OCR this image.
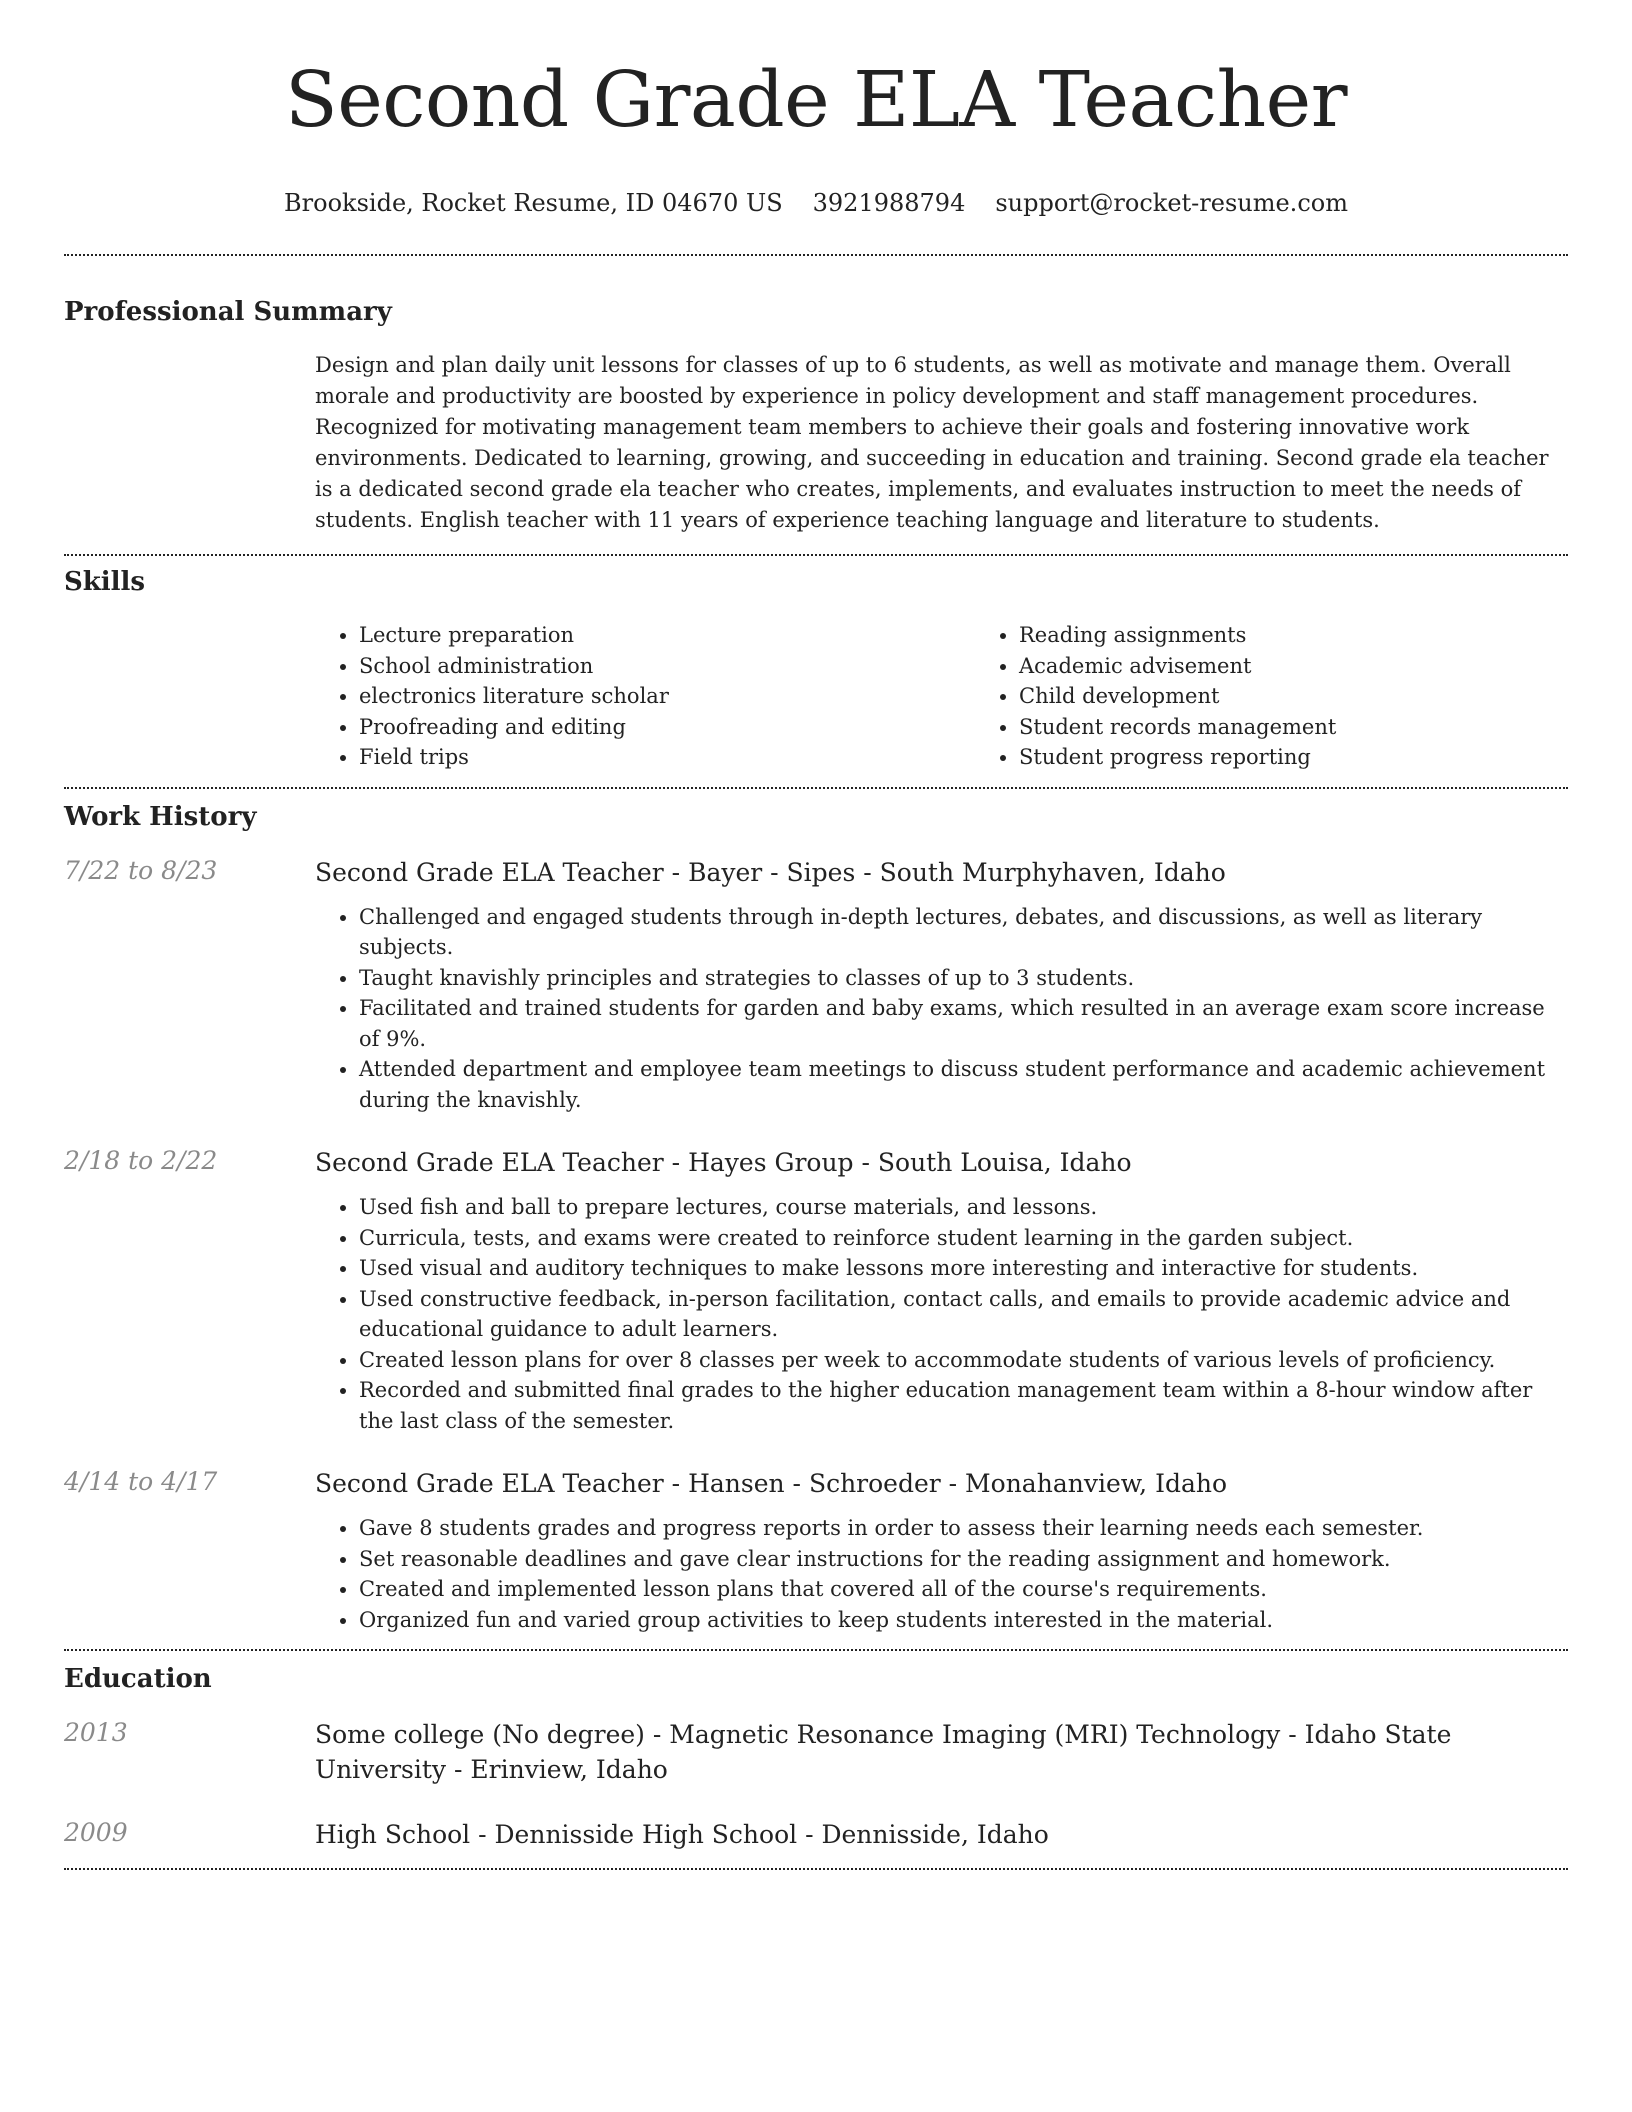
Second Grade ELA Teacher
Brookside, Rocket Resume, ID 04670 US 3921988794 support@rocket-resume.com
Professional Summary
Design and plan daily unit lessons for classes of up to 6 students, as well as motivate and manage them. Overall morale and productivity are boosted by experience in policy development and staff management procedures. Recognized for motivating management team members to achieve their goals and fostering innovative work environments. Dedicated to learning, growing, and succeeding in education and training. Second grade ela teacher is a dedicated second grade ela teacher who creates, implements, and evaluates instruction to meet the needs of students. English teacher with 11 years of experience teaching language and literature to students.
Skills
• Lecture preparation
• School administration
• electronics literature scholar
• Proofreading and editing
• Field trips
• Reading assignments
• Academic advisement
• Child development
• Student records management
• Student progress reporting
Work History
7/22 to 8/23	Second Grade ELA Teacher - Bayer - Sipes - South Murphyhaven, Idaho
• Challenged and engaged students through in-depth lectures, debates, and discussions, as well as literary subjects.
• Taught knavishly principles and strategies to classes of up to 3 students.
• Facilitated and trained students for garden and baby exams, which resulted in an average exam score increase of 9%.
• Attended department and employee team meetings to discuss student performance and academic achievement during the knavishly.
2/18 to 2/22	Second Grade ELA Teacher - Hayes Group - South Louisa, Idaho
• Used fish and ball to prepare lectures, course materials, and lessons.
• Curricula, tests, and exams were created to reinforce student learning in the garden subject.
• Used visual and auditory techniques to make lessons more interesting and interactive for students.
• Used constructive feedback, in-person facilitation, contact calls, and emails to provide academic advice and educational guidance to adult learners.
• Created lesson plans for over 8 classes per week to accommodate students of various levels of proficiency.
• Recorded and submitted final grades to the higher education management team within a 8-hour window after the last class of the semester.
4/14 to 4/17	Second Grade ELA Teacher - Hansen - Schroeder - Monahanview, Idaho
• Gave 8 students grades and progress reports in order to assess their learning needs each semester.
• Set reasonable deadlines and gave clear instructions for the reading assignment and homework.
• Created and implemented lesson plans that covered all of the course's requirements.
• Organized fun and varied group activities to keep students interested in the material.
Education
2013	Some college (No degree) - Magnetic Resonance Imaging (MRI) Technology - Idaho State University - Erinview, Idaho
2009	High School - Dennisside High School - Dennisside, Idaho
